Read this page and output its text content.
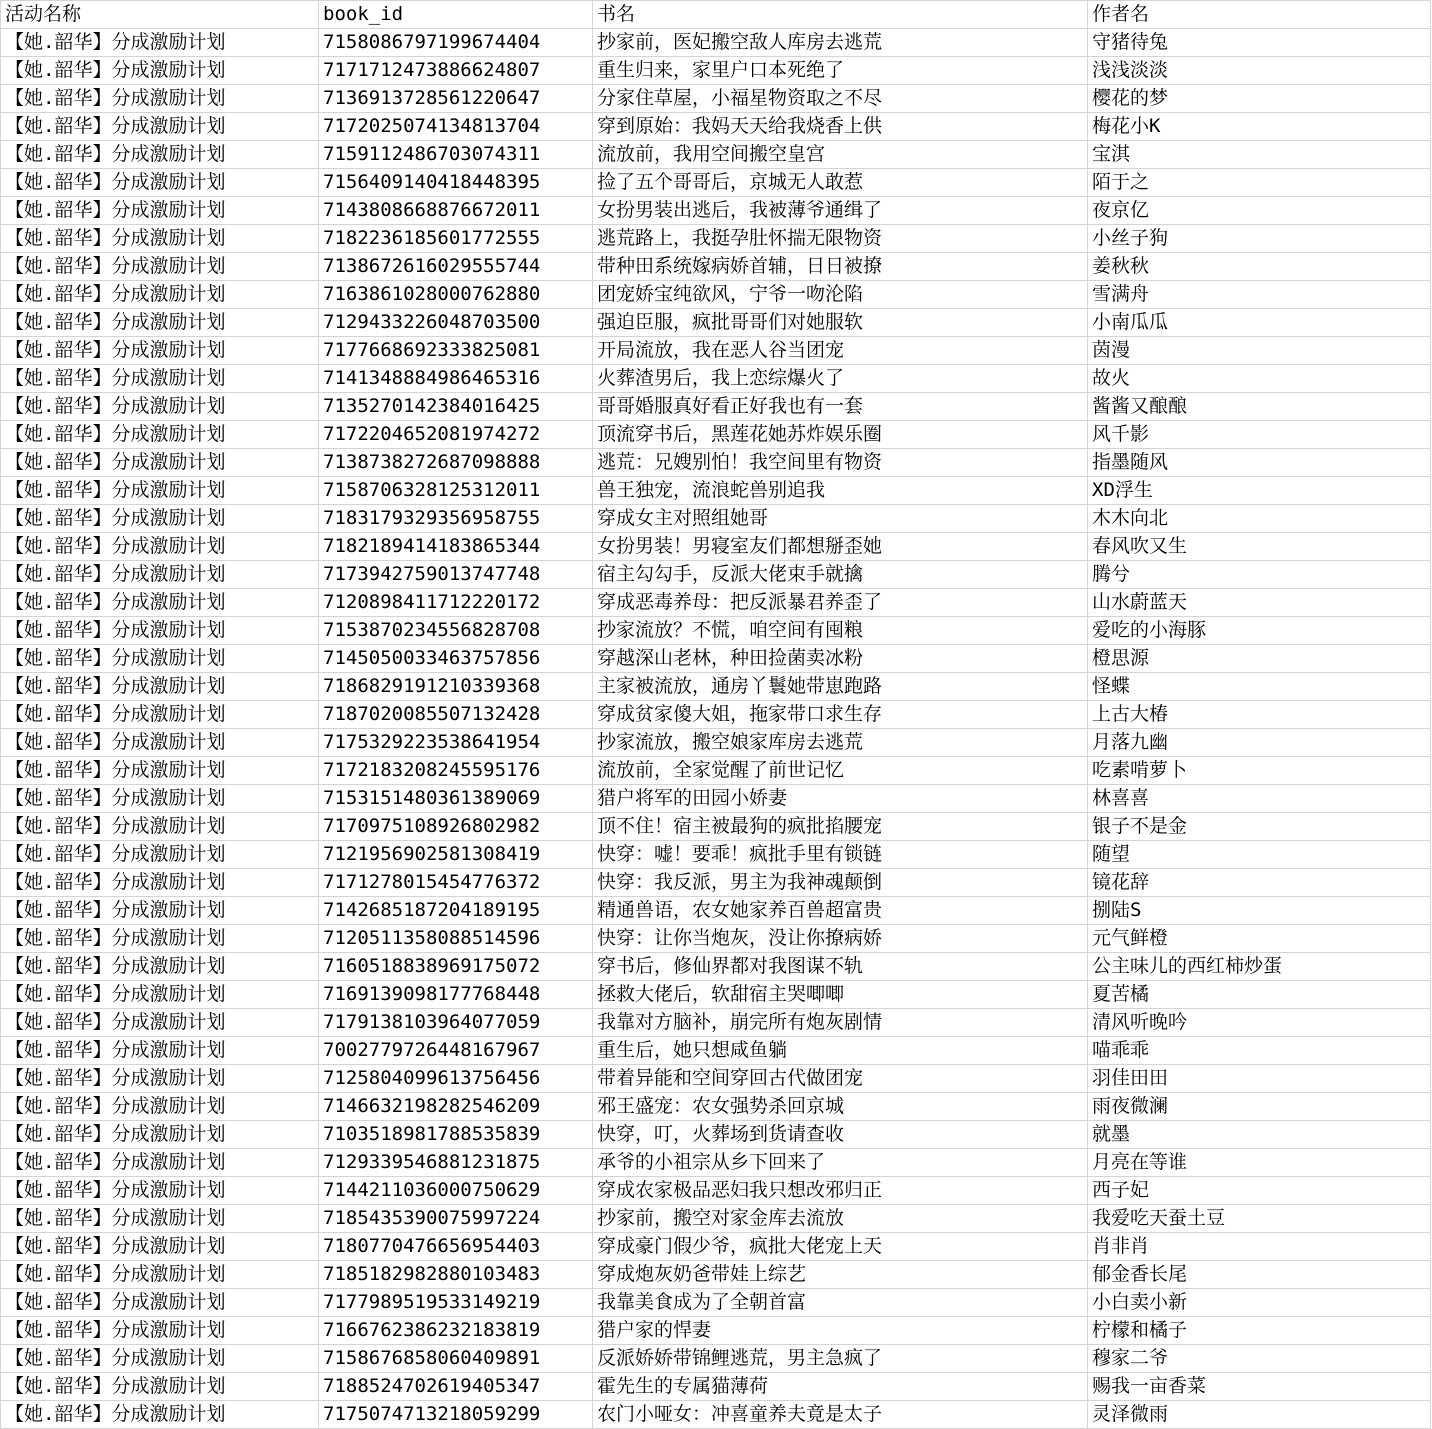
活动名称	book_id	书名	作者名
【她.韶华】分成激励计划	7158086797199674404	抄家前，医妃搬空敌人库房去逃荒	守猪待兔
【她.韶华】分成激励计划	7171712473886624807	重生归来，家里户口本死绝了	浅浅淡淡
【她.韶华】分成激励计划	7136913728561220647	分家住草屋，小福星物资取之不尽	樱花的梦
【她.韶华】分成激励计划	7172025074134813704	穿到原始：我妈天天给我烧香上供	梅花小K
【她.韶华】分成激励计划	7159112486703074311	流放前，我用空间搬空皇宫	宝淇
【她.韶华】分成激励计划	7156409140418448395	捡了五个哥哥后，京城无人敢惹	陌于之
【她.韶华】分成激励计划	7143808668876672011	女扮男装出逃后，我被薄爷通缉了	夜京亿
【她.韶华】分成激励计划	7182236185601772555	逃荒路上，我挺孕肚怀揣无限物资	小丝子狗
【她.韶华】分成激励计划	7138672616029555744	带种田系统嫁病娇首辅，日日被撩	姜秋秋
【她.韶华】分成激励计划	7163861028000762880	团宠娇宝纯欲风，宁爷一吻沦陷	雪满舟
【她.韶华】分成激励计划	7129433226048703500	强迫臣服，疯批哥哥们对她服软	小南瓜瓜
【她.韶华】分成激励计划	7177668692333825081	开局流放，我在恶人谷当团宠	茵漫
【她.韶华】分成激励计划	7141348884986465316	火葬渣男后，我上恋综爆火了	故火
【她.韶华】分成激励计划	7135270142384016425	哥哥婚服真好看正好我也有一套	酱酱又酿酿
【她.韶华】分成激励计划	7172204652081974272	顶流穿书后，黑莲花她苏炸娱乐圈	风千影
【她.韶华】分成激励计划	7138738272687098888	逃荒：兄嫂别怕！我空间里有物资	指墨随风
【她.韶华】分成激励计划	7158706328125312011	兽王独宠，流浪蛇兽别追我	XD浮生
【她.韶华】分成激励计划	7183179329356958755	穿成女主对照组她哥	木木向北
【她.韶华】分成激励计划	7182189414183865344	女扮男装！男寝室友们都想掰歪她	春风吹又生
【她.韶华】分成激励计划	7173942759013747748	宿主勾勾手，反派大佬束手就擒	腾兮
【她.韶华】分成激励计划	7120898411712220172	穿成恶毒养母：把反派暴君养歪了	山水蔚蓝天
【她.韶华】分成激励计划	7153870234556828708	抄家流放？不慌，咱空间有囤粮	爱吃的小海豚
【她.韶华】分成激励计划	7145050033463757856	穿越深山老林，种田捡菌卖冰粉	橙思源
【她.韶华】分成激励计划	7186829191210339368	主家被流放，通房丫鬟她带崽跑路	怪蝶
【她.韶华】分成激励计划	7187020085507132428	穿成贫家傻大姐，拖家带口求生存	上古大椿
【她.韶华】分成激励计划	7175329223538641954	抄家流放，搬空娘家库房去逃荒	月落九幽
【她.韶华】分成激励计划	7172183208245595176	流放前，全家觉醒了前世记忆	吃素啃萝卜
【她.韶华】分成激励计划	7153151480361389069	猎户将军的田园小娇妻	林喜喜
【她.韶华】分成激励计划	7170975108926802982	顶不住！宿主被最狗的疯批掐腰宠	银子不是金
【她.韶华】分成激励计划	7121956902581308419	快穿：嘘！要乖！疯批手里有锁链	随望
【她.韶华】分成激励计划	7171278015454776372	快穿：我反派，男主为我神魂颠倒	镜花辞
【她.韶华】分成激励计划	7142685187204189195	精通兽语，农女她家养百兽超富贵	捌陆S
【她.韶华】分成激励计划	7120511358088514596	快穿：让你当炮灰，没让你撩病娇	元气鲜橙
【她.韶华】分成激励计划	7160518838969175072	穿书后，修仙界都对我图谋不轨	公主味儿的西红柿炒蛋
【她.韶华】分成激励计划	7169139098177768448	拯救大佬后，软甜宿主哭唧唧	夏苦橘
【她.韶华】分成激励计划	7179138103964077059	我靠对方脑补，崩完所有炮灰剧情	清风听晚吟
【她.韶华】分成激励计划	7002779726448167967	重生后，她只想咸鱼躺	喵乖乖
【她.韶华】分成激励计划	7125804099613756456	带着异能和空间穿回古代做团宠	羽佳田田
【她.韶华】分成激励计划	7146632198282546209	邪王盛宠：农女强势杀回京城	雨夜微澜
【她.韶华】分成激励计划	7103518981788535839	快穿，叮，火葬场到货请查收	就墨
【她.韶华】分成激励计划	7129339546881231875	承爷的小祖宗从乡下回来了	月亮在等谁
【她.韶华】分成激励计划	7144211036000750629	穿成农家极品恶妇我只想改邪归正	西子妃
【她.韶华】分成激励计划	7185435390075997224	抄家前，搬空对家金库去流放	我爱吃天蚕土豆
【她.韶华】分成激励计划	7180770476656954403	穿成豪门假少爷，疯批大佬宠上天	肖非肖
【她.韶华】分成激励计划	7185182982880103483	穿成炮灰奶爸带娃上综艺	郁金香长尾
【她.韶华】分成激励计划	7177989519533149219	我靠美食成为了全朝首富	小白卖小新
【她.韶华】分成激励计划	7166762386232183819	猎户家的悍妻	柠檬和橘子
【她.韶华】分成激励计划	7158676858060409891	反派娇娇带锦鲤逃荒，男主急疯了	穆家二爷
【她.韶华】分成激励计划	7188524702619405347	霍先生的专属猫薄荷	赐我一亩香菜
【她.韶华】分成激励计划	7175074713218059299	农门小哑女：冲喜童养夫竟是太子	灵泽微雨
